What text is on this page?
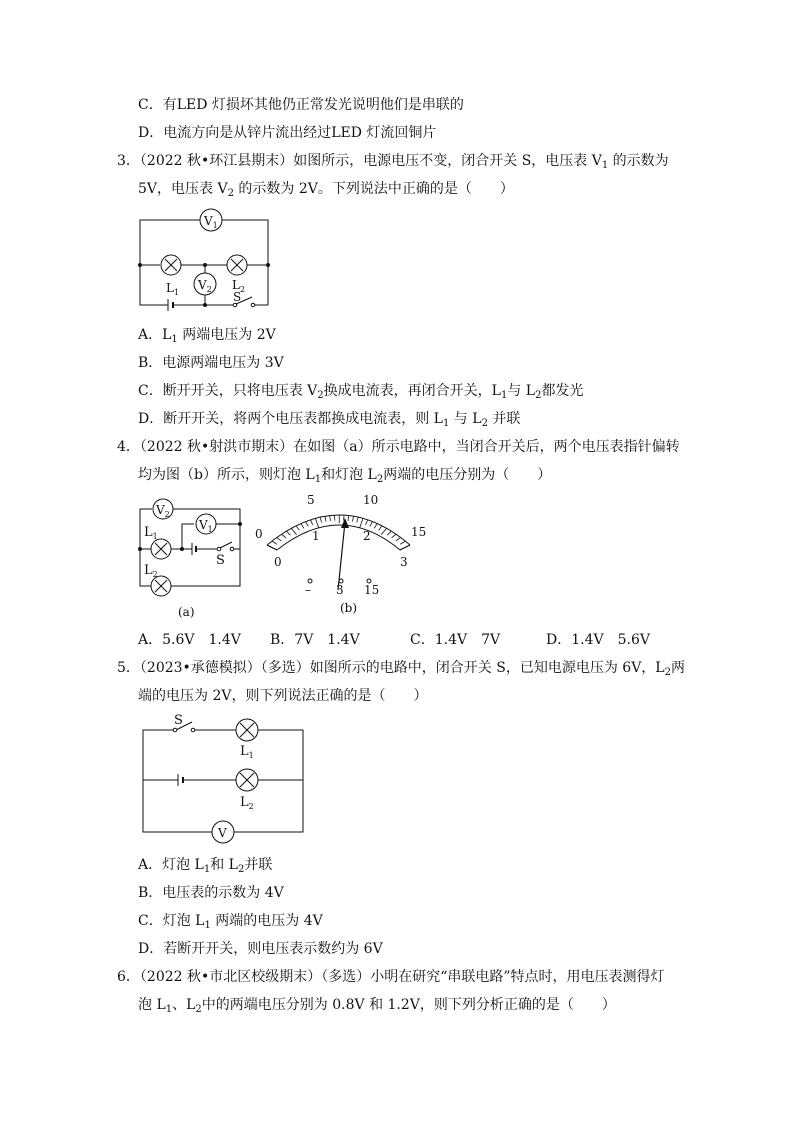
C．有LED 灯损坏其他仍正常发光说明他们是串联的
D．电流方向是从锌片流出经过LED 灯流回铜片
3．（2022 秋•环江县期末）如图所示，电源电压不变，闭合开关 S，电压表 $V_1$ 的示数为
5V，电压表 $V_2$ 的示数为 2V。下列说法中正确的是（　　）
$V_1$
$V_2$
$L_1$
$L_2$
S
A．$L_1$ 两端电压为 2V
B．电源两端电压为 3V
C．断开开关，只将电压表 $V_2$换成电流表，再闭合开关，$L_1$与 $L_2$都发光
D．断开开关，将两个电压表都换成电流表，则 $L_1$ 与 $L_2$ 并联
4．（2022 秋•射洪市期末）在如图（a）所示电路中，当闭合开关后，两个电压表指针偏转
均为图（b）所示，则灯泡 $L_1$和灯泡 $L_2$两端的电压分别为（　　）
$V_2$
$V_1$
$L_1$
$L_2$
S
(a)
0
5	10
15
0
1	2
3
– 3 15
(b)
A．5.6V　1.4V B．7V　1.4V	C．1.4V　7V	D．1.4V　5.6V
5．（2023•承德模拟）（多选）如图所示的电路中，闭合开关 S，已知电源电压为 6V，$L_2$两
端的电压为 2V，则下列说法正确的是（　　）
S
$L_1$
$L_2$
V
A．灯泡 $L_1$和 $L_2$并联
B．电压表的示数为 4V
C．灯泡 $L_1$ 两端的电压为 4V
D．若断开开关，则电压表示数约为 6V
6．（2022 秋•市北区校级期末）（多选）小明在研究“串联电路”特点时，用电压表测得灯
泡 $L_1$、$L_2$中的两端电压分别为 0.8V 和 1.2V，则下列分析正确的是（　　）
